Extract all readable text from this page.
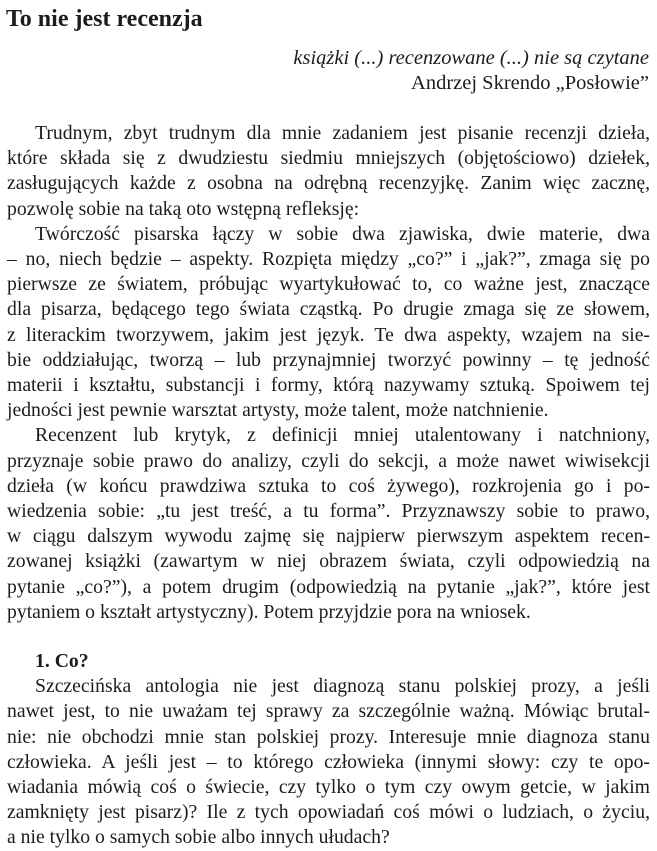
To nie jest recenzja
książki (...) recenzowane (...) nie są czytane
Andrzej Skrendo „Posłowie”
Trudnym, zbyt trudnym dla mnie zadaniem jest pisanie recenzji dzieła,
które składa się z dwudziestu siedmiu mniejszych (objętościowo) dziełek,
zasługujących każde z osobna na odrębną recenzyjkę. Zanim więc zacznę,
pozwolę sobie na taką oto wstępną refleksję:
Twórczość pisarska łączy w sobie dwa zjawiska, dwie materie, dwa
– no, niech będzie – aspekty. Rozpięta między „co?” i „jak?”, zmaga się po
pierwsze ze światem, próbując wyartykułować to, co ważne jest, znaczące
dla pisarza, będącego tego świata cząstką. Po drugie zmaga się ze słowem,
z literackim tworzywem, jakim jest język. Te dwa aspekty, wzajem na sie-
bie oddziałując, tworzą – lub przynajmniej tworzyć powinny – tę jedność
materii i kształtu, substancji i formy, którą nazywamy sztuką. Spoiwem tej
jedności jest pewnie warsztat artysty, może talent, może natchnienie.
Recenzent lub krytyk, z definicji mniej utalentowany i natchniony,
przyznaje sobie prawo do analizy, czyli do sekcji, a może nawet wiwisekcji
dzieła (w końcu prawdziwa sztuka to coś żywego), rozkrojenia go i po-
wiedzenia sobie: „tu jest treść, a tu forma”. Przyznawszy sobie to prawo,
w ciągu dalszym wywodu zajmę się najpierw pierwszym aspektem recen-
zowanej książki (zawartym w niej obrazem świata, czyli odpowiedzią na
pytanie „co?”), a potem drugim (odpowiedzią na pytanie „jak?”, które jest
pytaniem o kształt artystyczny). Potem przyjdzie pora na wniosek.
1. Co?
Szczecińska antologia nie jest diagnozą stanu polskiej prozy, a jeśli
nawet jest, to nie uważam tej sprawy za szczególnie ważną. Mówiąc brutal-
nie: nie obchodzi mnie stan polskiej prozy. Interesuje mnie diagnoza stanu
człowieka. A jeśli jest – to którego człowieka (innymi słowy: czy te opo-
wiadania mówią coś o świecie, czy tylko o tym czy owym getcie, w jakim
zamknięty jest pisarz)? Ile z tych opowiadań coś mówi o ludziach, o życiu,
a nie tylko o samych sobie albo innych ułudach?
